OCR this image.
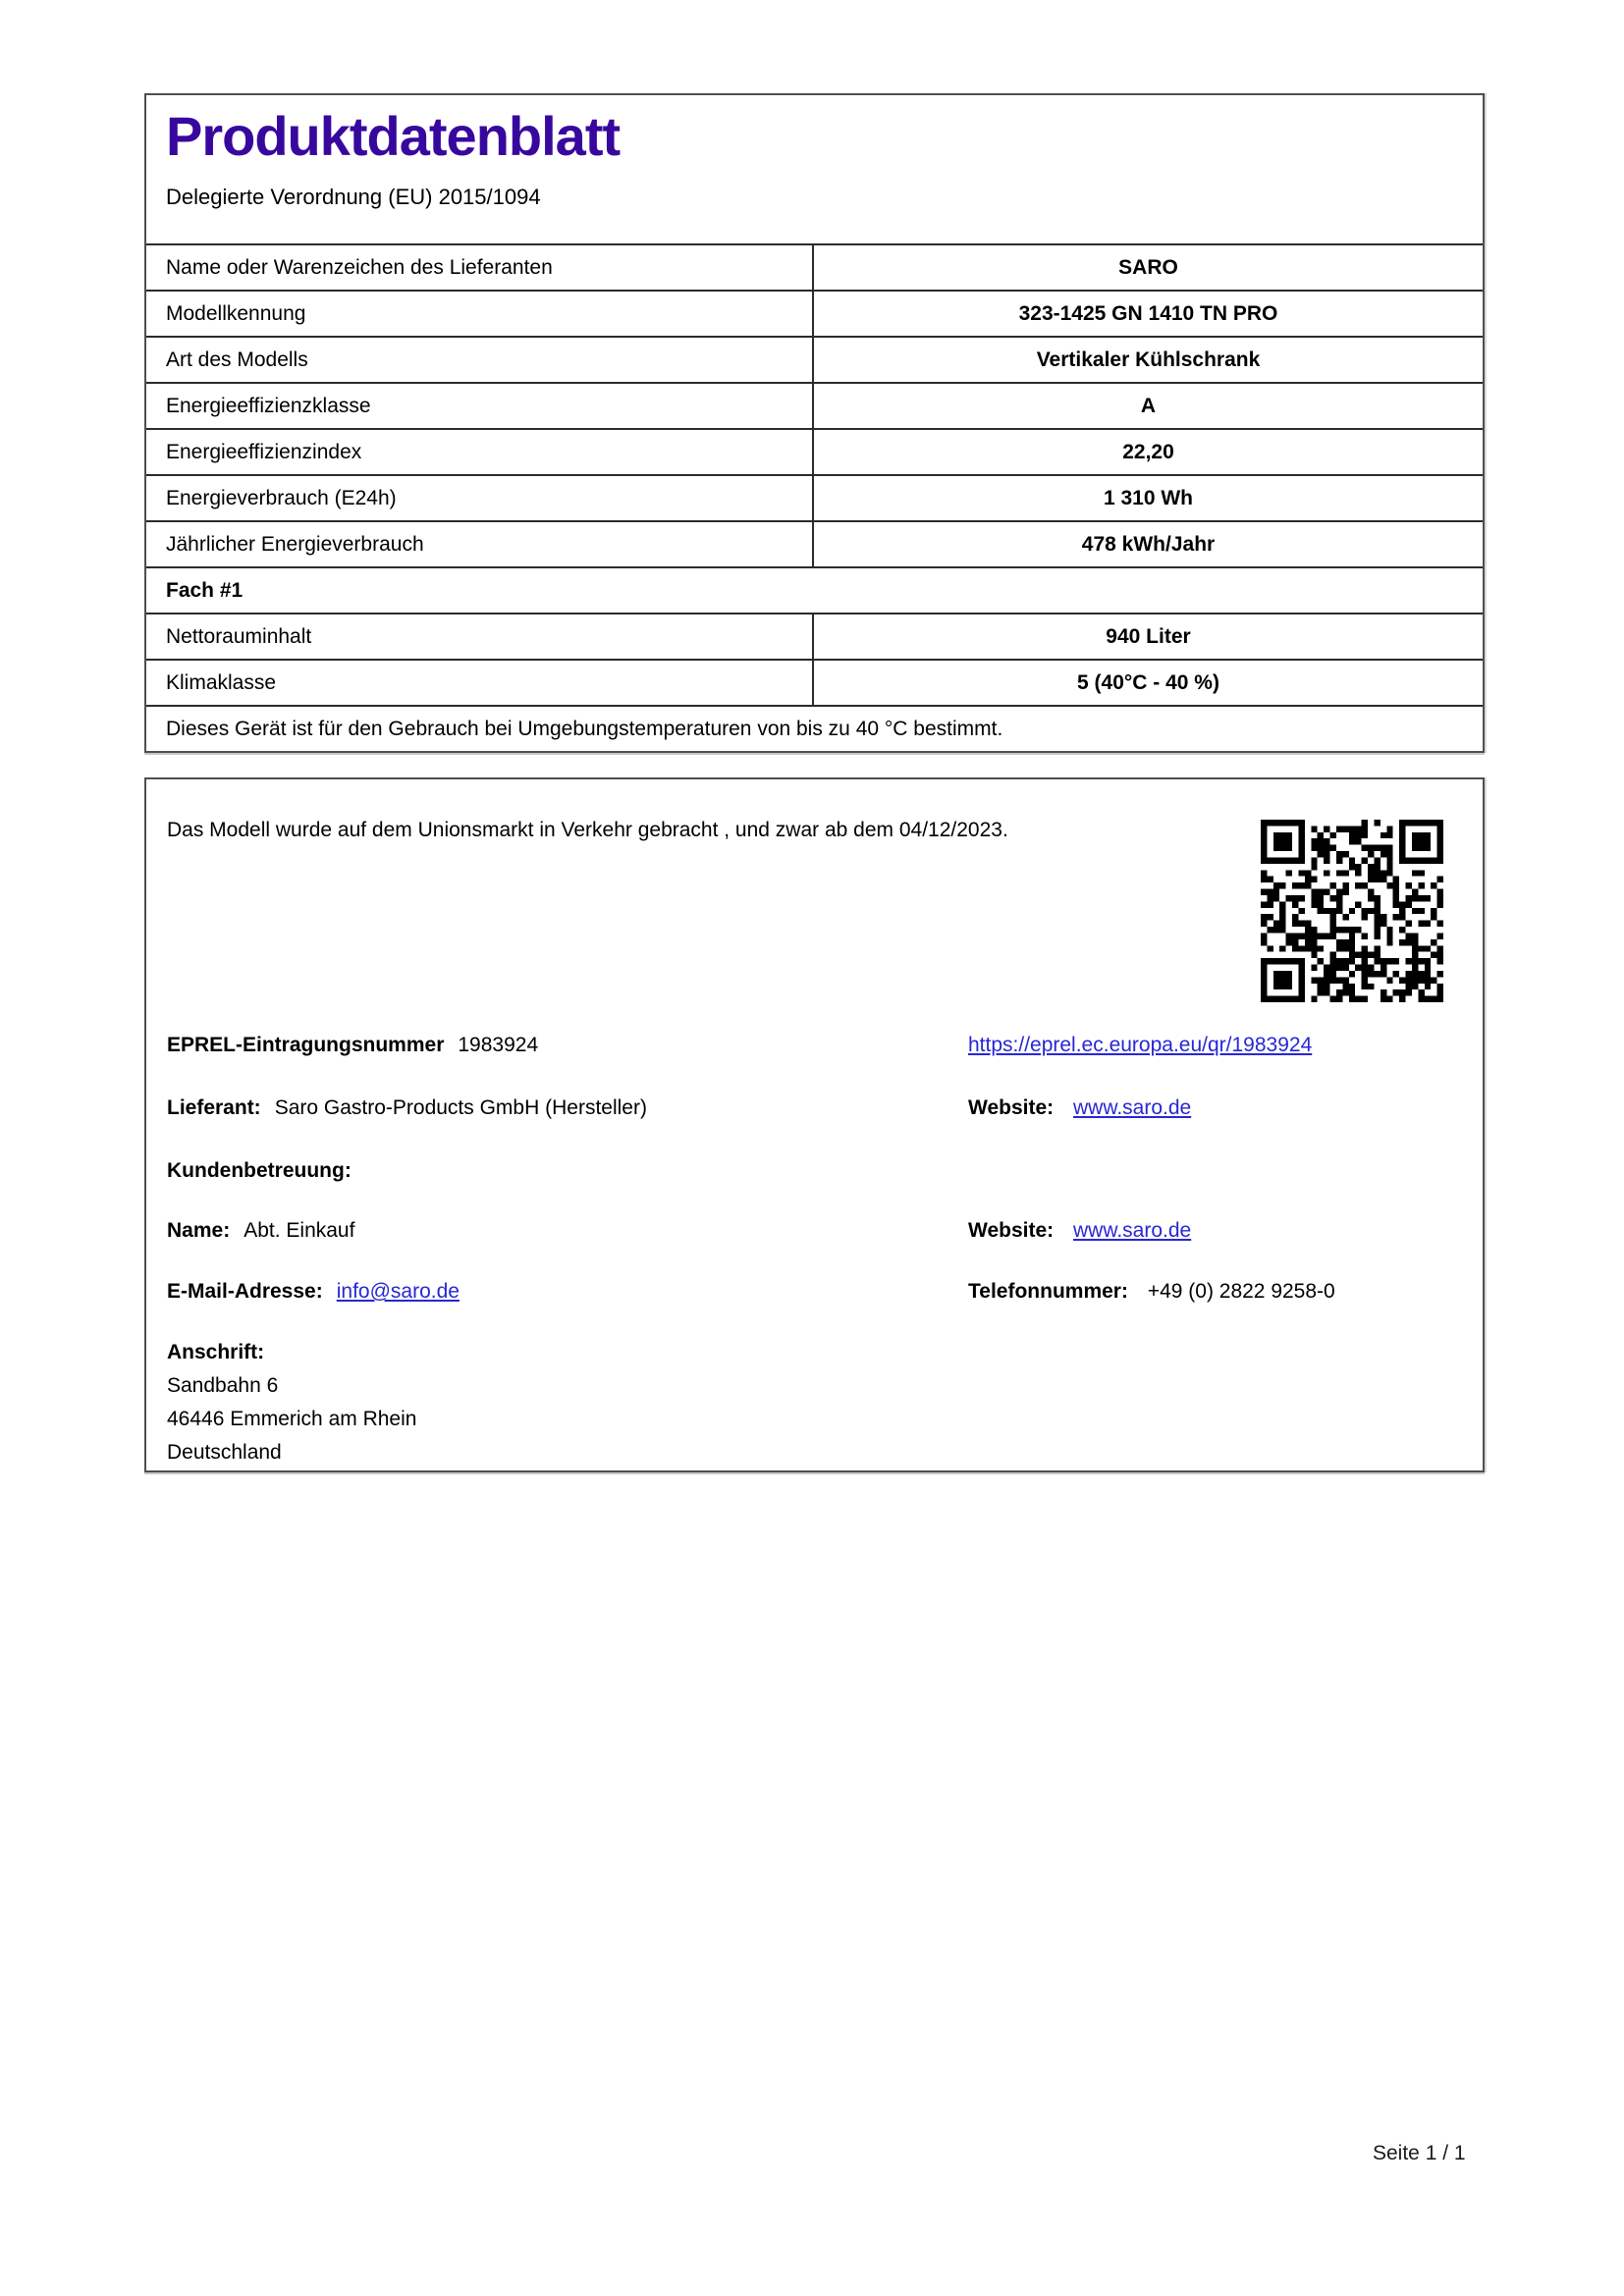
Produktdatenblatt
Delegierte Verordnung (EU) 2015/1094
Name oder Warenzeichen des Lieferanten	SARO
Modellkennung	323-1425 GN 1410 TN PRO
Art des Modells	Vertikaler Kühlschrank
Energieeffizienzklasse	A
Energieeffizienzindex	22,20
Energieverbrauch (E24h)	1 310 Wh
Jährlicher Energieverbrauch	478 kWh/Jahr
Fach #1
Nettorauminhalt	940 Liter
Klimaklasse	5 (40°C - 40 %)
Dieses Gerät ist für den Gebrauch bei Umgebungstemperaturen von bis zu 40 °C bestimmt.
Das Modell wurde auf dem Unionsmarkt in Verkehr gebracht , und zwar ab dem 04/12/2023.
EPREL-Eintragungsnummer 1983924	https://eprel.ec.europa.eu/qr/1983924
Lieferant: Saro Gastro-Products GmbH (Hersteller)	Website: www.saro.de
Kundenbetreuung:
Name: Abt. Einkauf	Website: www.saro.de
E-Mail-Adresse: info@saro.de	Telefonnummer: +49 (0) 2822 9258-0
Anschrift:
Sandbahn 6
46446 Emmerich am Rhein
Deutschland
Seite 1 / 1
